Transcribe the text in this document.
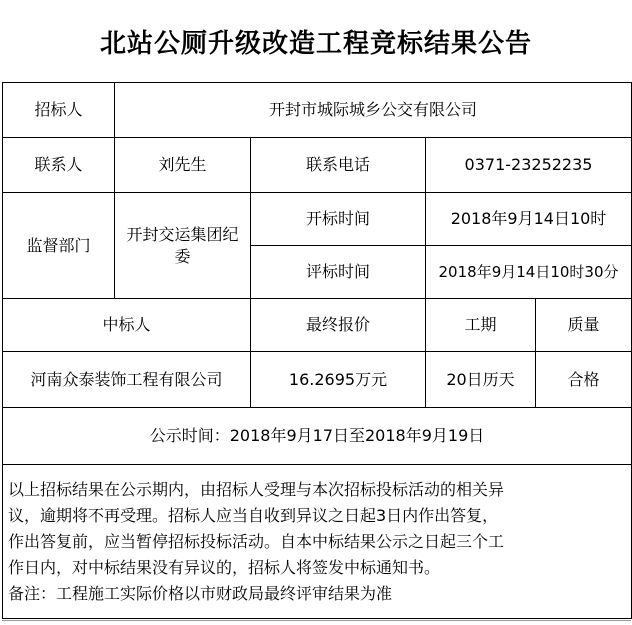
北站公厕升级改造工程竞标结果公告
招标人	开封市城际城乡公交有限公司			
联系人	刘先生	联系电话	0371-23252235	
监督部门	开封交运集团纪委	开标时间	2018年9月14日10时	
		评标时间	2018年9月14日10时30分	
中标人		最终报价	工期	质量
河南众泰装饰工程有限公司		16.2695万元	20日历天	合格
公示时间：2018年9月17日至2018年9月19日				

以上招标结果在公示期内，由招标人受理与本次招标投标活动的相关异
议，逾期将不再受理。招标人应当自收到异议之日起3日内作出答复，
作出答复前，应当暂停招标投标活动。自本中标结果公示之日起三个工
作日内，对中标结果没有异议的，招标人将签发中标通知书。
备注：工程施工实际价格以市财政局最终评审结果为准				
